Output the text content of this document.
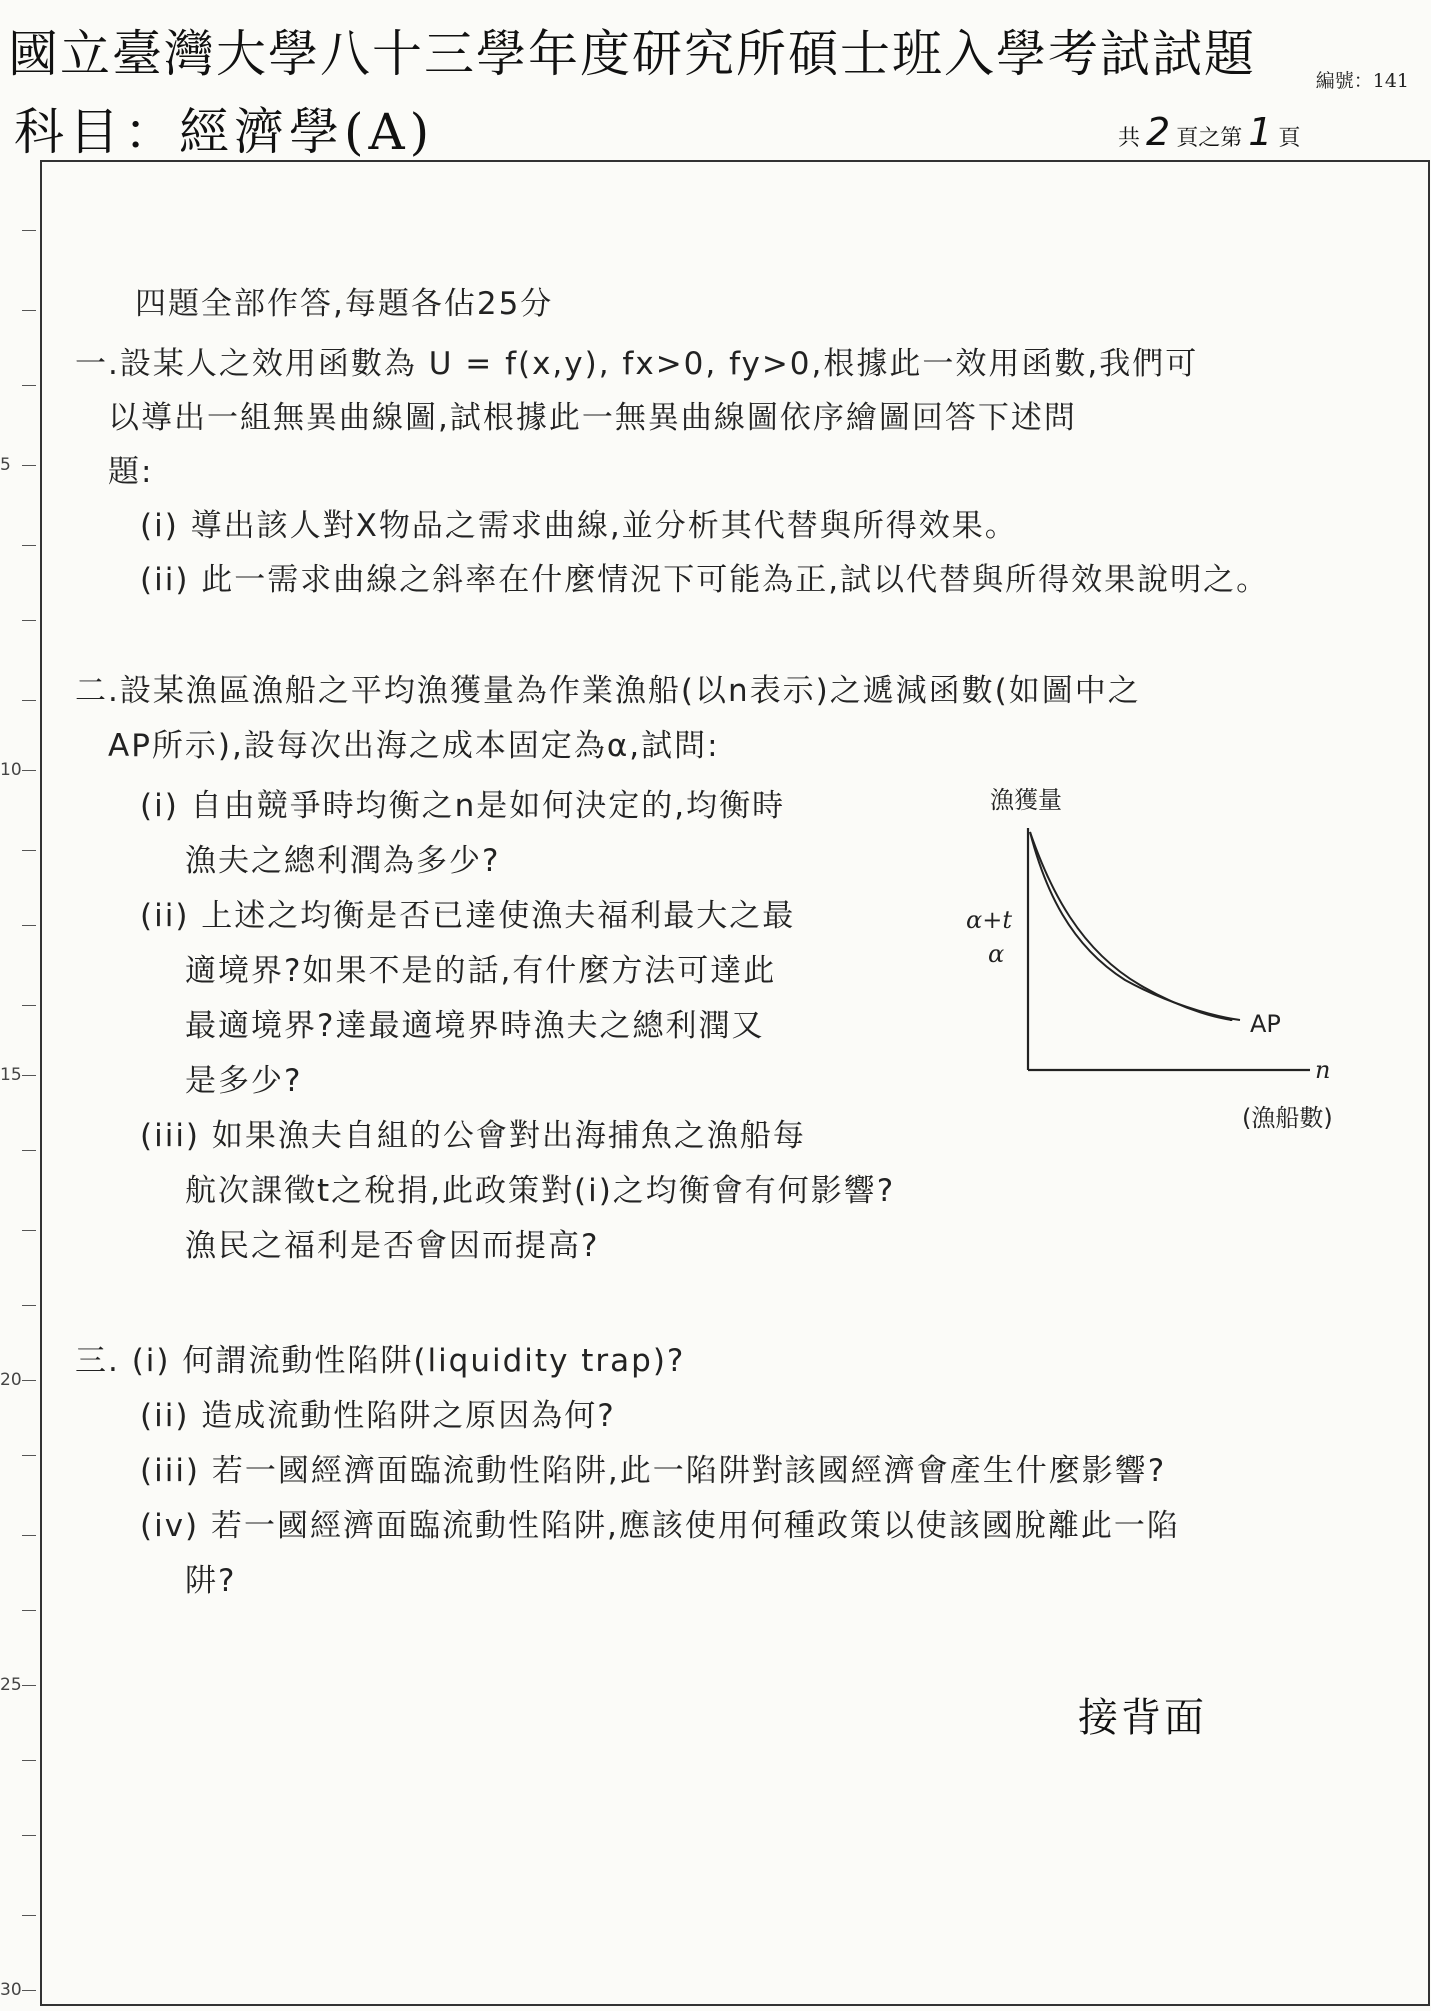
國立臺灣大學八十三學年度研究所碩士班入學考試試題	編號：141
科目：經濟學(A)	共 2 頁之第 1 頁
5
10
15
20
25
30
四題全部作答,每題各佔25分
一.設某人之效用函數為 U = f(x,y), fx>0, fy>0,根據此一效用函數,我們可
以導出一組無異曲線圖,試根據此一無異曲線圖依序繪圖回答下述問
題:
(i) 導出該人對X物品之需求曲線,並分析其代替與所得效果。
(ii) 此一需求曲線之斜率在什麼情況下可能為正,試以代替與所得效果說明之。
二.設某漁區漁船之平均漁獲量為作業漁船(以n表示)之遞減函數(如圖中之
AP所示),設每次出海之成本固定為α,試問:
(i) 自由競爭時均衡之n是如何決定的,均衡時
漁夫之總利潤為多少?
(ii) 上述之均衡是否已達使漁夫福利最大之最
適境界?如果不是的話,有什麼方法可達此
最適境界?達最適境界時漁夫之總利潤又
是多少?
(iii) 如果漁夫自組的公會對出海捕魚之漁船每
航次課徵t之稅捐,此政策對(i)之均衡會有何影響?
漁民之福利是否會因而提高?
三. (i) 何謂流動性陷阱(liquidity trap)?
(ii) 造成流動性陷阱之原因為何?
(iii) 若一國經濟面臨流動性陷阱,此一陷阱對該國經濟會產生什麼影響?
(iv) 若一國經濟面臨流動性陷阱,應該使用何種政策以使該國脫離此一陷
阱?
漁獲量
α+t
α
AP
n
(漁船數)
接背面
